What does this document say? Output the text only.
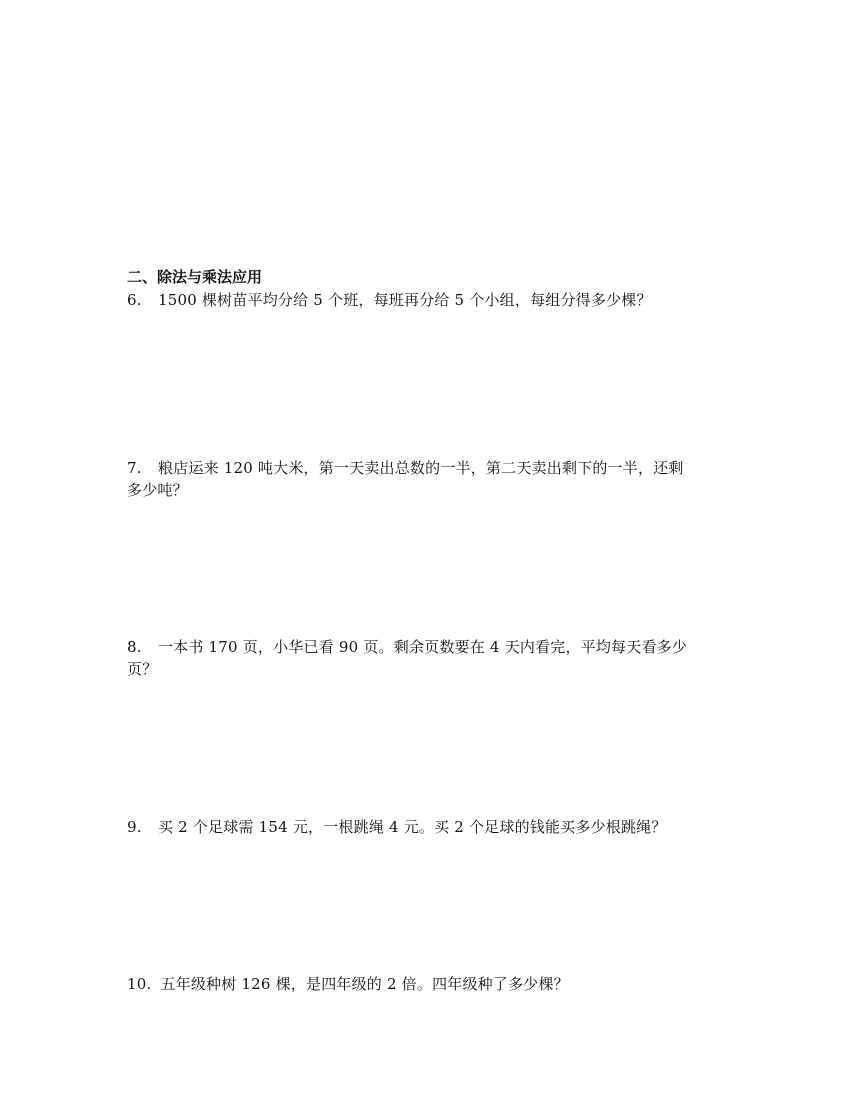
二、除法与乘法应用
6. 1500 棵树苗平均分给 5 个班，每班再分给 5 个小组，每组分得多少棵？
7. 粮店运来 120 吨大米，第一天卖出总数的一半，第二天卖出剩下的一半，还剩
多少吨？
8. 一本书 170 页，小华已看 90 页。剩余页数要在 4 天内看完，平均每天看多少
页？
9. 买 2 个足球需 154 元，一根跳绳 4 元。买 2 个足球的钱能买多少根跳绳？
10. 五年级种树 126 棵，是四年级的 2 倍。四年级种了多少棵？
